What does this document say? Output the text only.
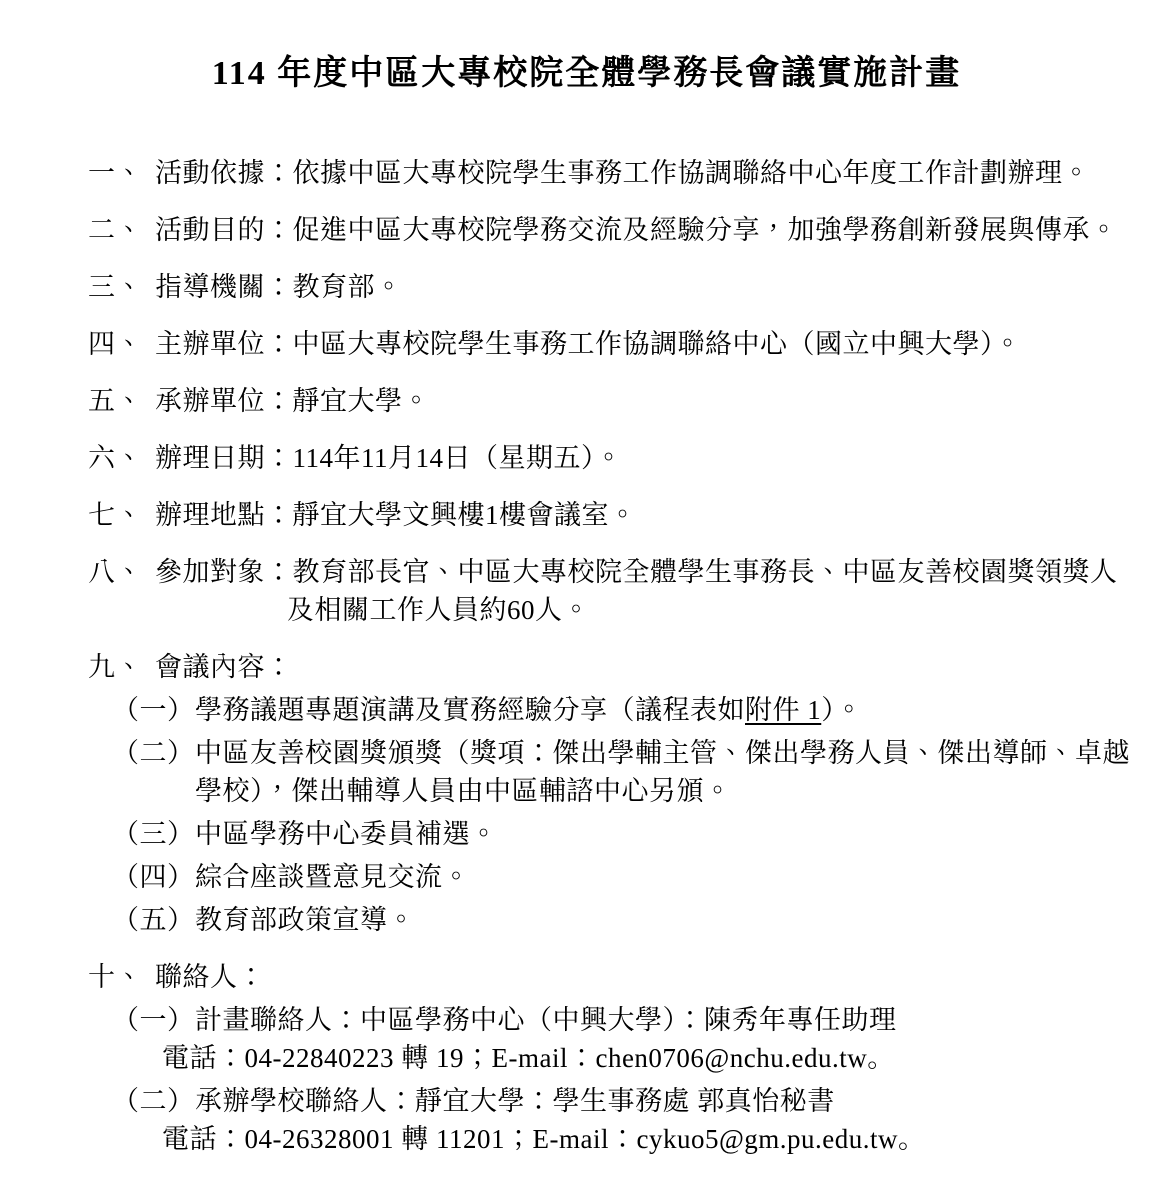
114 年度中區大專校院全體學務長會議實施計畫
一、 活動依據：依據中區大專校院學生事務工作協調聯絡中心年度工作計劃辦理。
二、 活動目的：促進中區大專校院學務交流及經驗分享，加強學務創新發展與傳承。
三、 指導機關：教育部。
四、 主辦單位：中區大專校院學生事務工作協調聯絡中心（國立中興大學）。
五、 承辦單位：靜宜大學。
六、 辦理日期：114年11月14日（星期五）。
七、 辦理地點：靜宜大學文興樓1樓會議室。
八、 參加對象：教育部長官、中區大專校院全體學生事務長、中區友善校園獎領獎人
及相關工作人員約60人。
九、 會議內容：
（一） 學務議題專題演講及實務經驗分享（議程表如附件 1）。
（二） 中區友善校園獎頒獎（獎項：傑出學輔主管、傑出學務人員、傑出導師、卓越
學校），傑出輔導人員由中區輔諮中心另頒。
（三） 中區學務中心委員補選。
（四） 綜合座談暨意見交流。
（五） 教育部政策宣導。
十、 聯絡人：
（一） 計畫聯絡人：中區學務中心（中興大學）：陳秀年專任助理
電話：04-22840223 轉 19；E-mail：chen0706@nchu.edu.tw。
（二） 承辦學校聯絡人：靜宜大學：學生事務處 郭真怡秘書
電話：04-26328001 轉 11201；E-mail：cykuo5@gm.pu.edu.tw。
